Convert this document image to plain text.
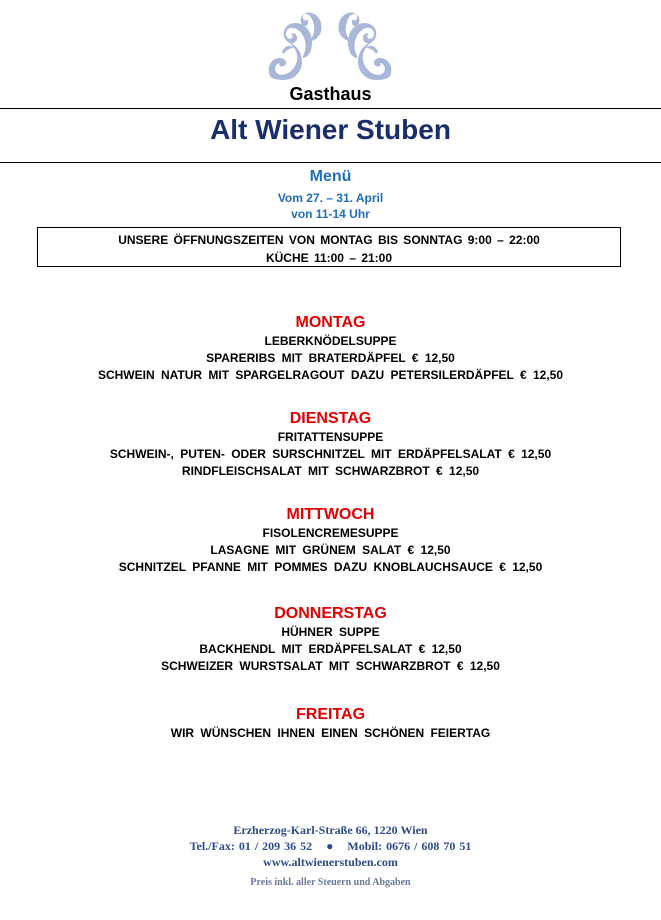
Gasthaus
Alt Wiener Stuben
Menü
Vom 27. – 31. April
von 11-14 Uhr
UNSERE ÖFFNUNGSZEITEN VON MONTAG BIS SONNTAG 9:00 – 22:00
KÜCHE 11:00 – 21:00
MONTAG
LEBERKNÖDELSUPPE
SPARERIBS MIT BRATERDÄPFEL € 12,50
SCHWEIN NATUR MIT SPARGELRAGOUT DAZU PETERSILERDÄPFEL € 12,50
DIENSTAG
FRITATTENSUPPE
SCHWEIN-, PUTEN- ODER SURSCHNITZEL MIT ERDÄPFELSALAT € 12,50
RINDFLEISCHSALAT MIT SCHWARZBROT € 12,50
MITTWOCH
FISOLENCREMESUPPE
LASAGNE MIT GRÜNEM SALAT € 12,50
SCHNITZEL PFANNE MIT POMMES DAZU KNOBLAUCHSAUCE € 12,50
DONNERSTAG
HÜHNER SUPPE
BACKHENDL MIT ERDÄPFELSALAT € 12,50
SCHWEIZER WURSTSALAT MIT SCHWARZBROT € 12,50
FREITAG
WIR WÜNSCHEN IHNEN EINEN SCHÖNEN FEIERTAG
Erzherzog-Karl-Straße 66, 1220 Wien
Tel./Fax: 01 / 209 36 52 ● Mobil: 0676 / 608 70 51
www.altwienerstuben.com
Preis inkl. aller Steuern und Abgaben
